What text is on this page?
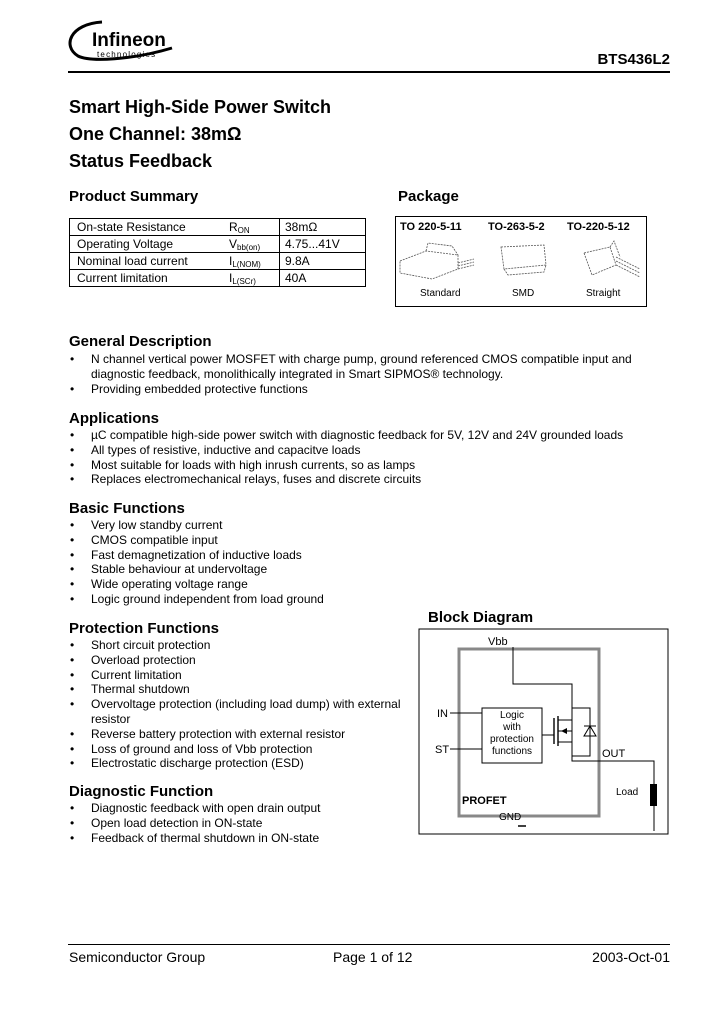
Infineon
technologies	BTS436L2
Smart High-Side Power Switch
One Channel: 38mΩ
Status Feedback
Product Summary
On-state Resistance	$R_{ON}$	38mΩ
Operating Voltage	$V_{bb(on)}$	4.75...41V
Nominal load current	$I_{L(NOM)}$	9.8A
Current limitation	$I_{L(SCr)}$	40A
Package
TO 220-5-11 TO-263-5-2 TO-220-5-12
Standard	SMD	Straight
General Description
• N channel vertical power MOSFET with charge pump, ground referenced CMOS compatible input and diagnostic feedback, monolithically integrated in Smart SIPMOS® technology.
• Providing embedded protective functions
Applications
• µC compatible high-side power switch with diagnostic feedback for 5V, 12V and 24V grounded loads
• All types of resistive, inductive and capacitve loads
• Most suitable for loads with high inrush currents, so as lamps
• Replaces electromechanical relays, fuses and discrete circuits
Basic Functions
• Very low standby current
• CMOS compatible input
• Fast demagnetization of inductive loads
• Stable behaviour at undervoltage
• Wide operating voltage range
• Logic ground independent from load ground
Protection Functions
• Short circuit protection
• Overload protection
• Current limitation
• Thermal shutdown
• Overvoltage protection (including load dump) with external resistor
• Reverse battery protection with external resistor
• Loss of ground and loss of Vbb protection
• Electrostatic discharge protection (ESD)
Diagnostic Function
• Diagnostic feedback with open drain output
• Open load detection in ON-state
• Feedback of thermal shutdown in ON-state
Block Diagram
Vbb
IN
ST
Logic
with
protection
functions	OUT
Load
PROFET
GND
Semiconductor Group	Page 1 of 12	2003-Oct-01
